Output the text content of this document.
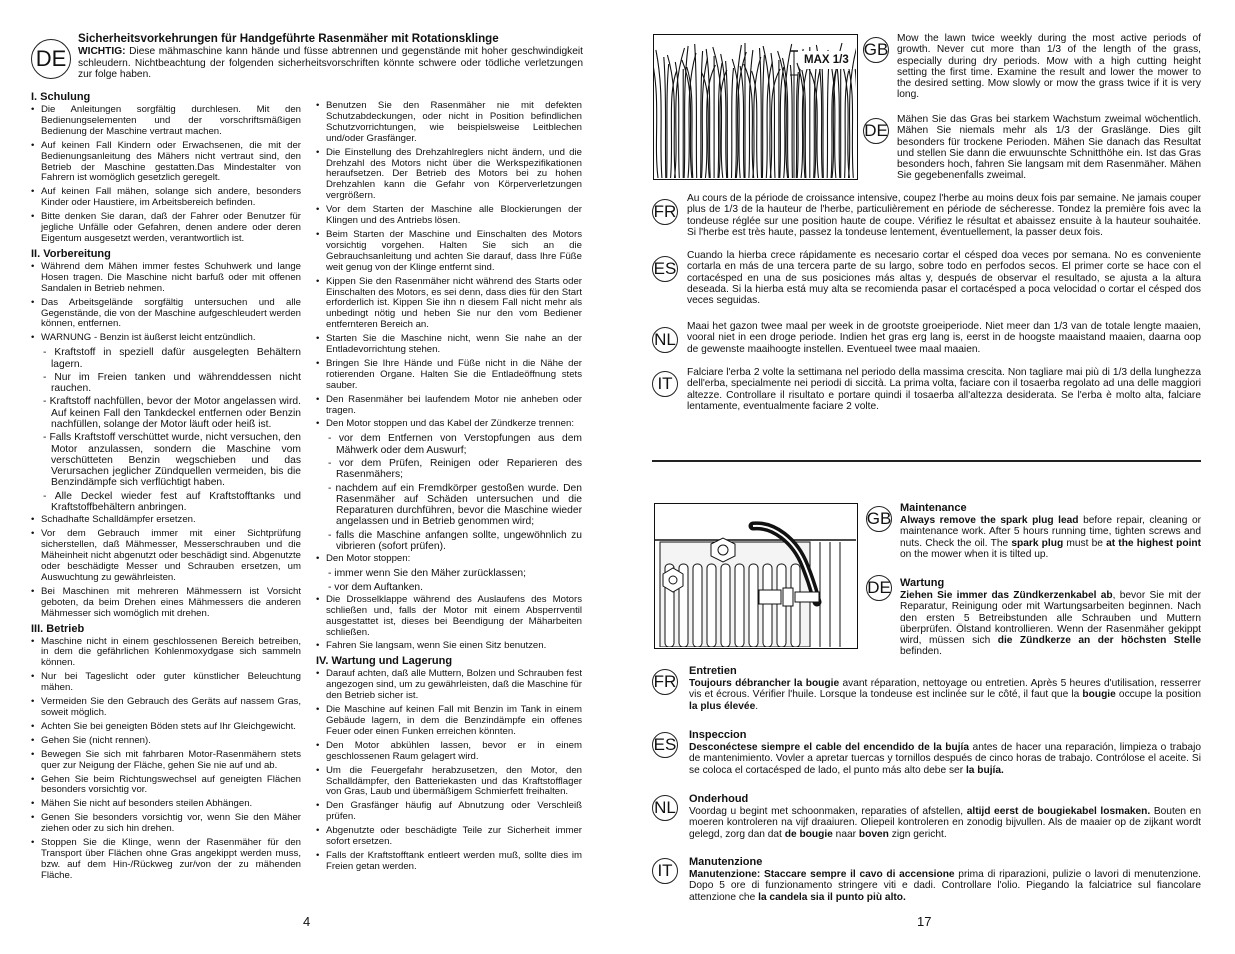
DE
Sicherheitsvorkehrungen für Handgeführte Rasenmäher mit Rotationsklinge
WICHTIG: Diese mähmaschine kann hände und füsse abtrennen und gegenstände mit hoher geschwindigkeit schleudern. Nichtbeachtung der folgenden sicherheitsvorschriften könnte schwere oder tödliche verletzungen zur folge haben.
I. Schulung
• Die Anleitungen sorgfältig durchlesen. Mit den Bedienungselementen und der vorschriftsmäßigen Bedienung der Maschine vertraut machen.
• Auf keinen Fall Kindern oder Erwachsenen, die mit der Bedienungsanleitung des Mähers nicht vertraut sind, den Betrieb der Maschine gestatten.Das Mindestalter von Fahrern ist womöglich gesetzlich geregelt.
• Auf keinen Fall mähen, solange sich andere, besonders Kinder oder Haustiere, im Arbeitsbereich befinden.
• Bitte denken Sie daran, daß der Fahrer oder Benutzer für jegliche Unfälle oder Gefahren, denen andere oder deren Eigentum ausgesetzt werden, verantwortlich ist.
II. Vorbereitung
• Während dem Mähen immer festes Schuhwerk und lange Hosen tragen. Die Maschine nicht barfuß oder mit offenen Sandalen in Betrieb nehmen.
• Das Arbeitsgelände sorgfältig untersuchen und alle Gegenstände, die von der Maschine aufgeschleudert werden können, entfernen.
• WARNUNG - Benzin ist äußerst leicht entzündlich.
- Kraftstoff in speziell dafür ausgelegten Behältern lagern.
- Nur im Freien tanken und währenddessen nicht rauchen.
- Kraftstoff nachfüllen, bevor der Motor angelassen wird. Auf keinen Fall den Tankdeckel entfernen oder Benzin nachfüllen, solange der Motor läuft oder heiß ist.
- Falls Kraftstoff verschüttet wurde, nicht versuchen, den Motor anzulassen, sondern die Maschine vom verschütteten Benzin wegschieben und das Verursachen jeglicher Zündquellen vermeiden, bis die Benzindämpfe sich verflüchtigt haben.
- Alle Deckel wieder fest auf Kraftstofftanks und Kraftstoffbehältern anbringen.
• Schadhafte Schalldämpfer ersetzen.
• Vor dem Gebrauch immer mit einer Sichtprüfung sicherstellen, daß Mähmesser, Messerschrauben und die Mäheinheit nicht abgenutzt oder beschädigt sind. Abgenutzte oder beschädigte Messer und Schrauben ersetzen, um Auswuchtung zu gewährleisten.
• Bei Maschinen mit mehreren Mähmessern ist Vorsicht geboten, da beim Drehen eines Mähmessers die anderen Mähmesser sich womöglich mit drehen.
III. Betrieb
• Maschine nicht in einem geschlossenen Bereich betreiben, in dem die gefährlichen Kohlenmoxydgase sich sammeln können.
• Nur bei Tageslicht oder guter künstlicher Beleuchtung mähen.
• Vermeiden Sie den Gebrauch des Geräts auf nassem Gras, soweit möglich.
• Achten Sie bei geneigten Böden stets auf Ihr Gleichgewicht.
• Gehen Sie (nicht rennen).
• Bewegen Sie sich mit fahrbaren Motor-Rasenmähern stets quer zur Neigung der Fläche, gehen Sie nie auf und ab.
• Gehen Sie beim Richtungswechsel auf geneigten Flächen besonders vorsichtig vor.
• Mähen Sie nicht auf besonders steilen Abhängen.
• Genen Sie besonders vorsichtig vor, wenn Sie den Mäher ziehen oder zu sich hin drehen.
• Stoppen Sie die Klinge, wenn der Rasenmäher für den Transport über Flächen ohne Gras angekippt werden muss, bzw. auf dem Hin-/Rückweg zur/von der zu mähenden Fläche.
• Benutzen Sie den Rasenmäher nie mit defekten Schutzabdeckungen, oder nicht in Position befindlichen Schutzvorrichtungen, wie beispielsweise Leitblechen und/oder Grasfänger.
• Die Einstellung des Drehzahlreglers nicht ändern, und die Drehzahl des Motors nicht über die Werkspezifikationen heraufsetzen. Der Betrieb des Motors bei zu hohen Drehzahlen kann die Gefahr von Körperverletzungen vergrößern.
• Vor dem Starten der Maschine alle Blockierungen der Klingen und des Antriebs lösen.
• Beim Starten der Maschine und Einschalten des Motors vorsichtig vorgehen. Halten Sie sich an die Gebrauchsanleitung und achten Sie darauf, dass Ihre Füße weit genug von der Klinge entfernt sind.
• Kippen Sie den Rasenmäher nicht während des Starts oder Einschalten des Motors, es sei denn, dass dies für den Start erforderlich ist. Kippen Sie ihn n diesem Fall nicht mehr als unbedingt nötig und heben Sie nur den vom Bediener entfernteren Bereich an.
• Starten Sie die Maschine nicht, wenn Sie nahe an der Entladevorrichtung stehen.
• Bringen Sie Ihre Hände und Füße nicht in die Nähe der rotierenden Organe. Halten Sie die Entladeöffnung stets sauber.
• Den Rasenmäher bei laufendem Motor nie anheben oder tragen.
• Den Motor stoppen und das Kabel der Zündkerze trennen:
- vor dem Entfernen von Verstopfungen aus dem Mähwerk oder dem Auswurf;
- vor dem Prüfen, Reinigen oder Reparieren des Rasenmähers;
- nachdem auf ein Fremdkörper gestoßen wurde. Den Rasenmäher auf Schäden untersuchen und die Reparaturen durchführen, bevor die Maschine wieder angelassen und in Betrieb genommen wird;
- falls die Maschine anfangen sollte, ungewöhnlich zu vibrieren (sofort prüfen).
• Den Motor stoppen:
- immer wenn Sie den Mäher zurücklassen;
- vor dem Auftanken.
• Die Drosselklappe während des Auslaufens des Motors schließen und, falls der Motor mit einem Absperrventil ausgestattet ist, dieses bei Beendigung der Mäharbeiten schließen.
• Fahren Sie langsam, wenn Sie einen Sitz benutzen.
IV. Wartung und Lagerung
• Darauf achten, daß alle Muttern, Bolzen und Schrauben fest angezogen sind, um zu gewährleisten, daß die Maschine für den Betrieb sicher ist.
• Die Maschine auf keinen Fall mit Benzin im Tank in einem Gebäude lagern, in dem die Benzindämpfe ein offenes Feuer oder einen Funken erreichen könnten.
• Den Motor abkühlen lassen, bevor er in einem geschlossenen Raum gelagert wird.
• Um die Feuergefahr herabzusetzen, den Motor, den Schalldämpfer, den Batteriekasten und das Kraftstofflager von Gras, Laub und übermäßigem Schmierfett freihalten.
• Den Grasfänger häufig auf Abnutzung oder Verschleiß prüfen.
• Abgenutzte oder beschädigte Teile zur Sicherheit immer sofort ersetzen.
• Falls der Kraftstofftank entleert werden muß, sollte dies im Freien getan werden.
4
MAX 1/3
GB
Mow the lawn twice weekly during the most active periods of growth. Never cut more than 1/3 of the length of the grass, especially during dry periods. Mow with a high cutting height setting the first time. Examine the result and lower the mower to the desired setting. Mow slowly or mow the grass twice if it is very long.
DE
Mähen Sie das Gras bei starkem Wachstum zweimal wöchentlich. Mähen Sie niemals mehr als 1/3 der Graslänge. Dies gilt besonders für trockene Perioden. Mähen Sie danach das Resultat und stellen Sie dann die erwuunschte Schnitthöhe ein. Ist das Gras besonders hoch, fahren Sie langsam mit dem Rasenmäher. Mähen Sie gegebenenfalls zweimal.
FR
Au cours de la période de croissance intensive, coupez l'herbe au moins deux fois par semaine. Ne jamais couper plus de 1/3 de la hauteur de l'herbe, particulièrement en période de sécheresse. Tondez la première fois avec la tondeuse réglée sur une position haute de coupe. Vérifiez le résultat et abaissez ensuite à la hauteur souhaitée. Si l'herbe est très haute, passez la tondeuse lentement, éventuellement, la passer deux fois.
ES
Cuando la hierba crece rápidamente es necesario cortar el césped doa veces por semana. No es conveniente cortarla en más de una tercera parte de su largo, sobre todo en perfodos secos. El primer corte se hace con el cortacésped en una de sus posiciones más altas y, después de observar el resultado, se ajusta a la altura deseada. Si la hierba está muy alta se recomienda pasar el cortacésped a poca velocidad o cortar el césped dos veces seguidas.
NL
Maai het gazon twee maal per week in de grootste groeiperiode. Niet meer dan 1/3 van de totale lengte maaien, vooral niet in een droge periode. Indien het gras erg lang is, eerst in de hoogste maaistand maaien, daarna oop de gewenste maaihoogte instellen. Eventueel twee maal maaien.
IT
Falciare l'erba 2 volte la settimana nel periodo della massima crescita. Non tagliare mai più di 1/3 della lunghezza dell'erba, specialmente nei periodi di siccità. La prima volta, faciare con il tosaerba regolato ad una delle maggiori altezze. Controllare il risultato e portare quindi il tosaerba all'altezza desiderata. Se l'erba è molto alta, falciare lentamente, eventualmente faciare 2 volte.
GB
Maintenance
Always remove the spark plug lead before repair, cleaning or maintenance work. After 5 hours running time, tighten screws and nuts. Check the oil. The spark plug must be at the highest point on the mower when it is tilted up.
DE Wartung
Ziehen Sie immer das Zündkerzenkabel ab, bevor Sie mit der Reparatur, Reinigung oder mit Wartungsarbeiten beginnen. Nach den ersten 5 Betreibstunden alle Schrauben und Muttern überprüfen. Ölstand kontrollieren. Wenn der Rasenmäher gekippt wird, müssen sich die Zündkerze an der höchsten Stelle befinden.
FR
Entretien
Toujours débrancher la bougie avant réparation, nettoyage ou entretien. Après 5 heures d'utilisation, resserrer vis et écrous. Vérifier l'huile. Lorsque la tondeuse est inclinée sur le côté, il faut que la bougie occupe la position la plus élevée.
ES Inspeccion
Desconéctese siempre el cable del encendido de la bujía antes de hacer una reparación, limpieza o trabajo de mantenimiento. Vovler a apretar tuercas y tornillos después de cinco horas de trabajo. Contrólose el aceite. Si se coloca el cortacésped de lado, el punto más alto debe ser la bujía.
NL Onderhoud
Voordag u begint met schoonmaken, reparaties of afstellen, altijd eerst de bougiekabel losmaken. Bouten en moeren kontroleren na vijf draaiuren. Oliepeil kontroleren en zonodig bijvullen. Als de maaier op de zijkant wordt gelegd, zorg dan dat de bougie naar boven zign gericht.
IT	Manutenzione
Manutenzione: Staccare sempre il cavo di accensione prima di riparazioni, pulizie o lavori di menutenzione. Dopo 5 ore di funzionamento stringere viti e dadi. Controllare l'olio. Piegando la falciatrice sul fiancolare attenzione che la candela sia il punto più alto.
17
